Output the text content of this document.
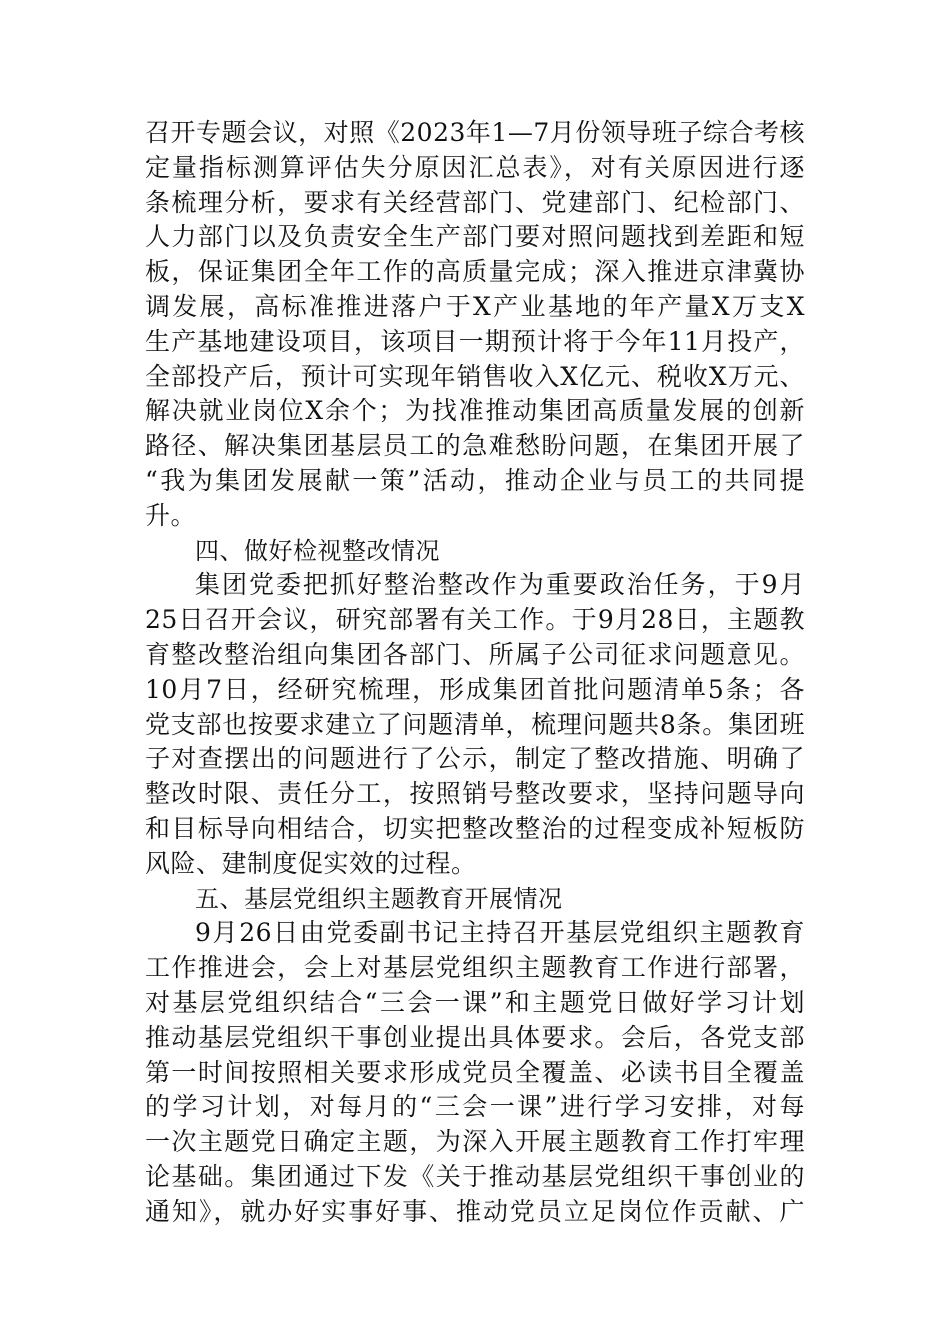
召开专题会议，对照《2023年1—7月份领导班子综合考核
定量指标测算评估失分原因汇总表》，对有关原因进行逐
条梳理分析，要求有关经营部门、党建部门、纪检部门、
人力部门以及负责安全生产部门要对照问题找到差距和短
板，保证集团全年工作的高质量完成；深入推进京津冀协
调发展，高标准推进落户于X产业基地的年产量X万支X
生产基地建设项目，该项目一期预计将于今年11月投产，
全部投产后，预计可实现年销售收入X亿元、税收X万元、
解决就业岗位X余个；为找准推动集团高质量发展的创新
路径、解决集团基层员工的急难愁盼问题，在集团开展了
“我为集团发展献一策”活动，推动企业与员工的共同提
升。
四、做好检视整改情况
集团党委把抓好整治整改作为重要政治任务，于9月
25日召开会议，研究部署有关工作。于9月28日，主题教
育整改整治组向集团各部门、所属子公司征求问题意见。
10月7日，经研究梳理，形成集团首批问题清单5条；各
党支部也按要求建立了问题清单，梳理问题共8条。集团班
子对查摆出的问题进行了公示，制定了整改措施、明确了
整改时限、责任分工，按照销号整改要求，坚持问题导向
和目标导向相结合，切实把整改整治的过程变成补短板防
风险、建制度促实效的过程。
五、基层党组织主题教育开展情况
9月26日由党委副书记主持召开基层党组织主题教育
工作推进会，会上对基层党组织主题教育工作进行部署，
对基层党组织结合“三会一课”和主题党日做好学习计划
推动基层党组织干事创业提出具体要求。会后，各党支部
第一时间按照相关要求形成党员全覆盖、必读书目全覆盖
的学习计划，对每月的“三会一课”进行学习安排，对每
一次主题党日确定主题，为深入开展主题教育工作打牢理
论基础。集团通过下发《关于推动基层党组织干事创业的
通知》，就办好实事好事、推动党员立足岗位作贡献、广
